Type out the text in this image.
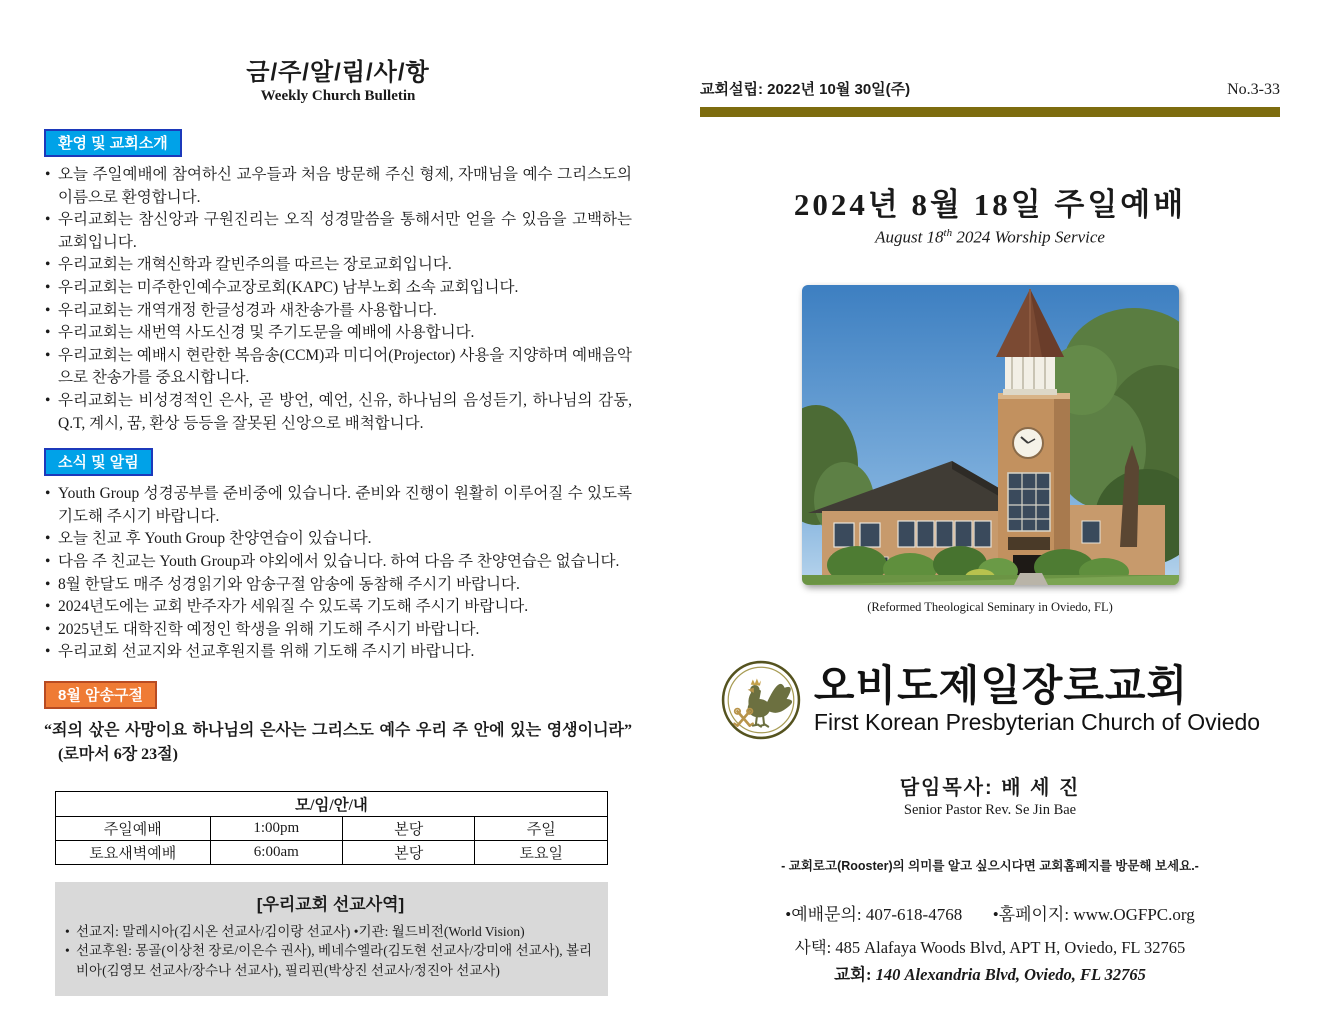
금/주/알/림/사/항
Weekly Church Bulletin
환영 및 교회소개
• 오늘 주일예배에 참여하신 교우들과 처음 방문해 주신 형제, 자매님을 예수 그리스도의 이름으로 환영합니다.
• 우리교회는 참신앙과 구원진리는 오직 성경말씀을 통해서만 얻을 수 있음을 고백하는 교회입니다.
• 우리교회는 개혁신학과 칼빈주의를 따르는 장로교회입니다.
• 우리교회는 미주한인예수교장로회(KAPC) 남부노회 소속 교회입니다.
• 우리교회는 개역개정 한글성경과 새찬송가를 사용합니다.
• 우리교회는 새번역 사도신경 및 주기도문을 예배에 사용합니다.
• 우리교회는 예배시 현란한 복음송(CCM)과 미디어(Projector) 사용을 지양하며 예배음악으로 찬송가를 중요시합니다.
• 우리교회는 비성경적인 은사, 곧 방언, 예언, 신유, 하나님의 음성듣기, 하나님의 감동, Q.T, 계시, 꿈, 환상 등등을 잘못된 신앙으로 배척합니다.
소식 및 알림
• Youth Group 성경공부를 준비중에 있습니다. 준비와 진행이 원활히 이루어질 수 있도록 기도해 주시기 바랍니다.
• 오늘 친교 후 Youth Group 찬양연습이 있습니다.
• 다음 주 친교는 Youth Group과 야외에서 있습니다. 하여 다음 주 찬양연습은 없습니다.
• 8월 한달도 매주 성경읽기와 암송구절 암송에 동참해 주시기 바랍니다.
• 2024년도에는 교회 반주자가 세워질 수 있도록 기도해 주시기 바랍니다.
• 2025년도 대학진학 예정인 학생을 위해 기도해 주시기 바랍니다.
• 우리교회 선교지와 선교후원지를 위해 기도해 주시기 바랍니다.
8월 암송구절

“죄의 삯은 사망이요 하나님의 은사는 그리스도 예수 우리 주 안에 있는 영생이니라” (로마서 6장 23절)

모/임/안/내			
주일예배	1:00pm	본당	주일
토요새벽예배	6:00am	본당	토요일
[우리교회 선교사역]
• 선교지: 말레시아(김시온 선교사/김이랑 선교사) •기관: 월드비전(World Vision)
• 선교후원: 몽골(이상천 장로/이은수 권사), 베네수엘라(김도현 선교사/강미애 선교사), 볼리비아(김영모 선교사/장수나 선교사), 필리핀(박상진 선교사/정진아 선교사)
교회설립: 2022년 10월 30일(주)	No.3-33
2024년 8월 18일 주일예배
August 18th 2024 Worship Service
(Reformed Theological Seminary in Oviedo, FL)
오비도제일장로교회
First Korean Presbyterian Church of Oviedo
담임목사: 배 세 진
Senior Pastor Rev. Se Jin Bae
- 교회로고(Rooster)의 의미를 알고 싶으시다면 교회홈페지를 방문해 보세요.-
•예배문의: 407-618-4768 •홈페이지: www.OGFPC.org
사택: 485 Alafaya Woods Blvd, APT H, Oviedo, FL 32765
교회: 140 Alexandria Blvd, Oviedo, FL 32765
